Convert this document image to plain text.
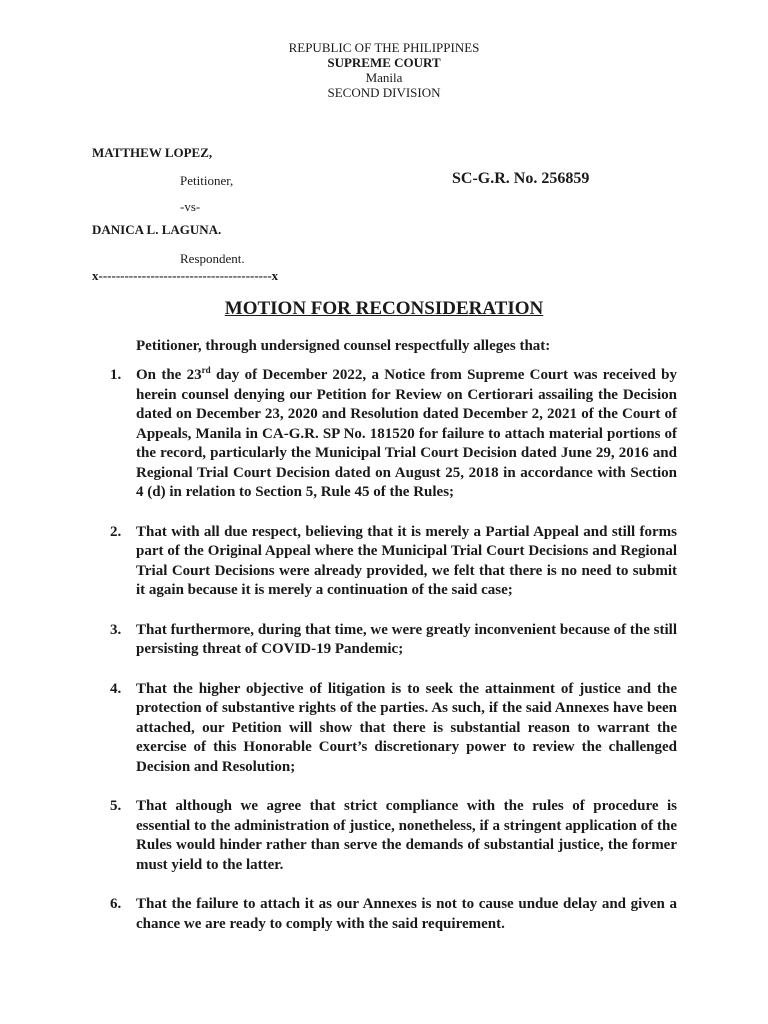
REPUBLIC OF THE PHILIPPINES
SUPREME COURT
Manila
SECOND DIVISION
MATTHEW LOPEZ,
Petitioner,	SC-G.R. No. 256859
-vs-
DANICA L. LAGUNA.
Respondent.
x----------------------------------------x
MOTION FOR RECONSIDERATION
Petitioner, through undersigned counsel respectfully alleges that:
1. On the 23rd day of December 2022, a Notice from Supreme Court was received by herein counsel denying our Petition for Review on Certiorari assailing the Decision dated on December 23, 2020 and Resolution dated December 2, 2021 of the Court of Appeals, Manila in CA-G.R. SP No. 181520 for failure to attach material portions of the record, particularly the Municipal Trial Court Decision dated June 29, 2016 and Regional Trial Court Decision dated on August 25, 2018 in accordance with Section 4 (d) in relation to Section 5, Rule 45 of the Rules;
2. That with all due respect, believing that it is merely a Partial Appeal and still forms part of the Original Appeal where the Municipal Trial Court Decisions and Regional Trial Court Decisions were already provided, we felt that there is no need to submit it again because it is merely a continuation of the said case;
3. That furthermore, during that time, we were greatly inconvenient because of the still persisting threat of COVID-19 Pandemic;
4. That the higher objective of litigation is to seek the attainment of justice and the protection of substantive rights of the parties. As such, if the said Annexes have been attached, our Petition will show that there is substantial reason to warrant the exercise of this Honorable Court’s discretionary power to review the challenged Decision and Resolution;
5. That although we agree that strict compliance with the rules of procedure is essential to the administration of justice, nonetheless, if a stringent application of the Rules would hinder rather than serve the demands of substantial justice, the former must yield to the latter.
6. That the failure to attach it as our Annexes is not to cause undue delay and given a chance we are ready to comply with the said requirement.
